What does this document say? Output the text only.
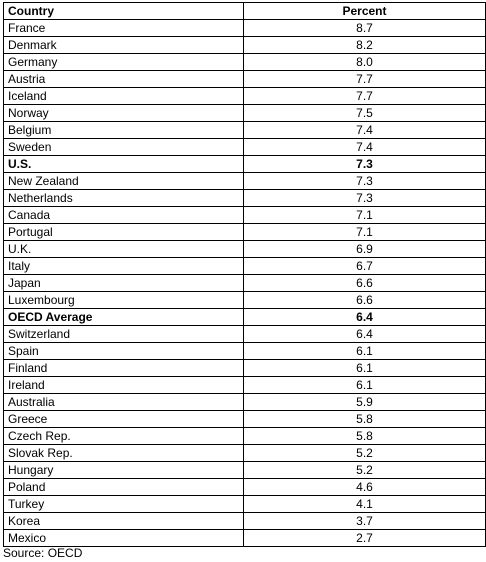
Country	Percent
France	8.7
Denmark	8.2
Germany	8.0
Austria	7.7
Iceland	7.7
Norway	7.5
Belgium	7.4
Sweden	7.4
U.S.	7.3
New Zealand	7.3
Netherlands	7.3
Canada	7.1
Portugal	7.1
U.K.	6.9
Italy	6.7
Japan	6.6
Luxembourg	6.6
OECD Average	6.4
Switzerland	6.4
Spain	6.1
Finland	6.1
Ireland	6.1
Australia	5.9
Greece	5.8
Czech Rep.	5.8
Slovak Rep.	5.2
Hungary	5.2
Poland	4.6
Turkey	4.1
Korea	3.7
Mexico	2.7
Source: OECD
